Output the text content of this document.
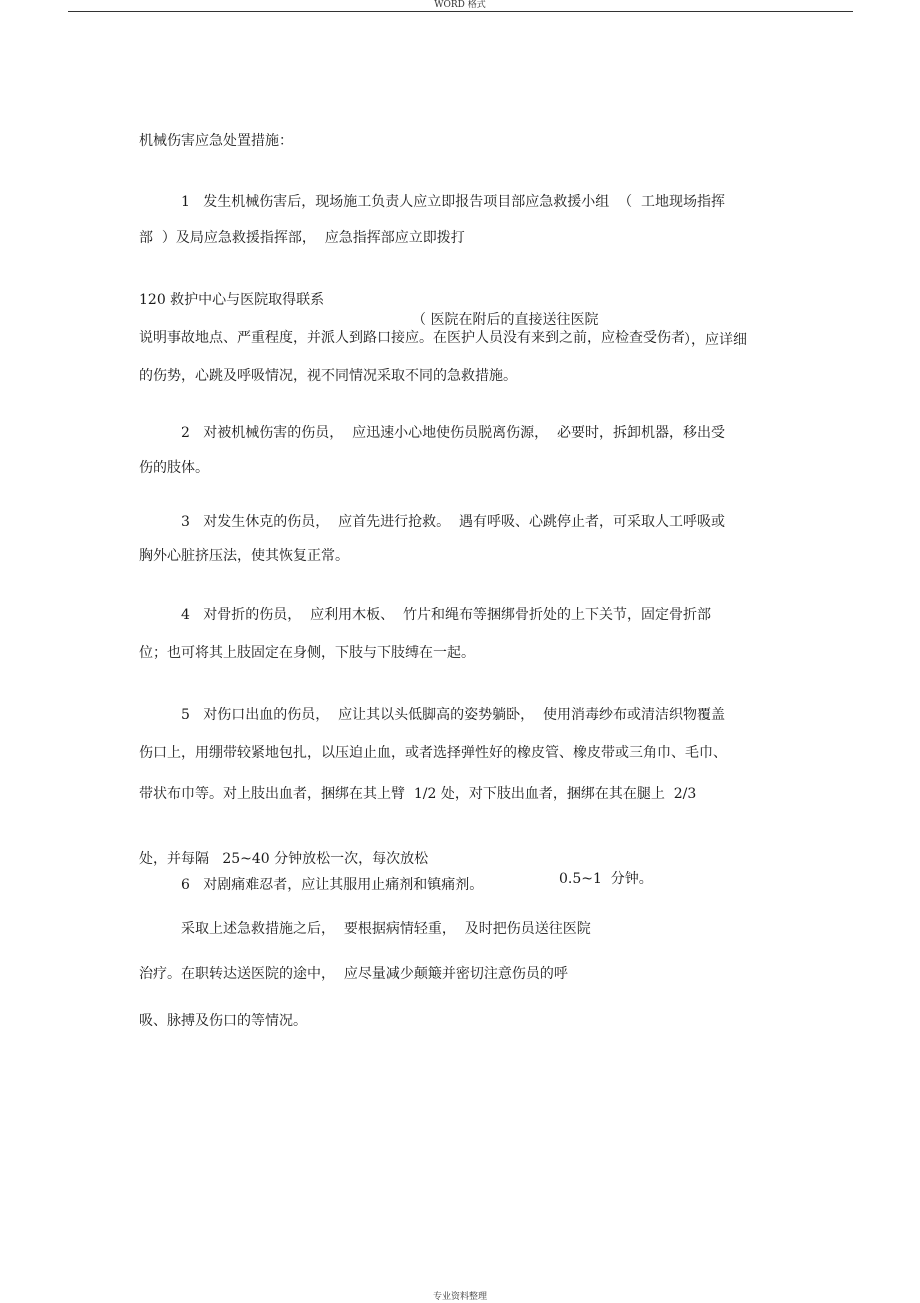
WORD 格式
机械伤害应急处置措施：
1   发生机械伤害后，现场施工负责人应立即报告项目部应急救援小组  （  工地现场指挥
部  ）及局应急救援指挥部，  应急指挥部应立即拨打

120 救护中心与医院取得联系

（ 医院在附后的直接送往医院

），应详细

说明事故地点、严重程度，并派人到路口接应。在医护人员没有来到之前，应检查受伤者
的伤势，心跳及呼吸情况，视不同情况采取不同的急救措施。
2   对被机械伤害的伤员，  应迅速小心地使伤员脱离伤源，  必要时，拆卸机器，移出受
伤的肢体。
3   对发生休克的伤员，  应首先进行抢救。  遇有呼吸、心跳停止者，可采取人工呼吸或
胸外心脏挤压法，使其恢复正常。
4   对骨折的伤员，  应利用木板、  竹片和绳布等捆绑骨折处的上下关节，固定骨折部
位；也可将其上肢固定在身侧，下肢与下肢缚在一起。
5   对伤口出血的伤员，  应让其以头低脚高的姿势躺卧，  使用消毒纱布或清洁织物覆盖
伤口上，用绷带较紧地包扎，以压迫止血，或者选择弹性好的橡皮管、橡皮带或三角巾、毛巾、
带状布巾等。对上肢出血者，捆绑在其上臂  1/2 处，对下肢出血者，捆绑在其在腿上  2/3

处，并每隔   25~40 分钟放松一次，每次放松

0.5~1  分钟。

6   对剧痛难忍者，应让其服用止痛剂和镇痛剂。
采取上述急救措施之后，  要根据病情轻重，  及时把伤员送往医院
治疗。在职转达送医院的途中，  应尽量减少颠簸并密切注意伤员的呼
吸、脉搏及伤口的等情况。
专业资料整理
